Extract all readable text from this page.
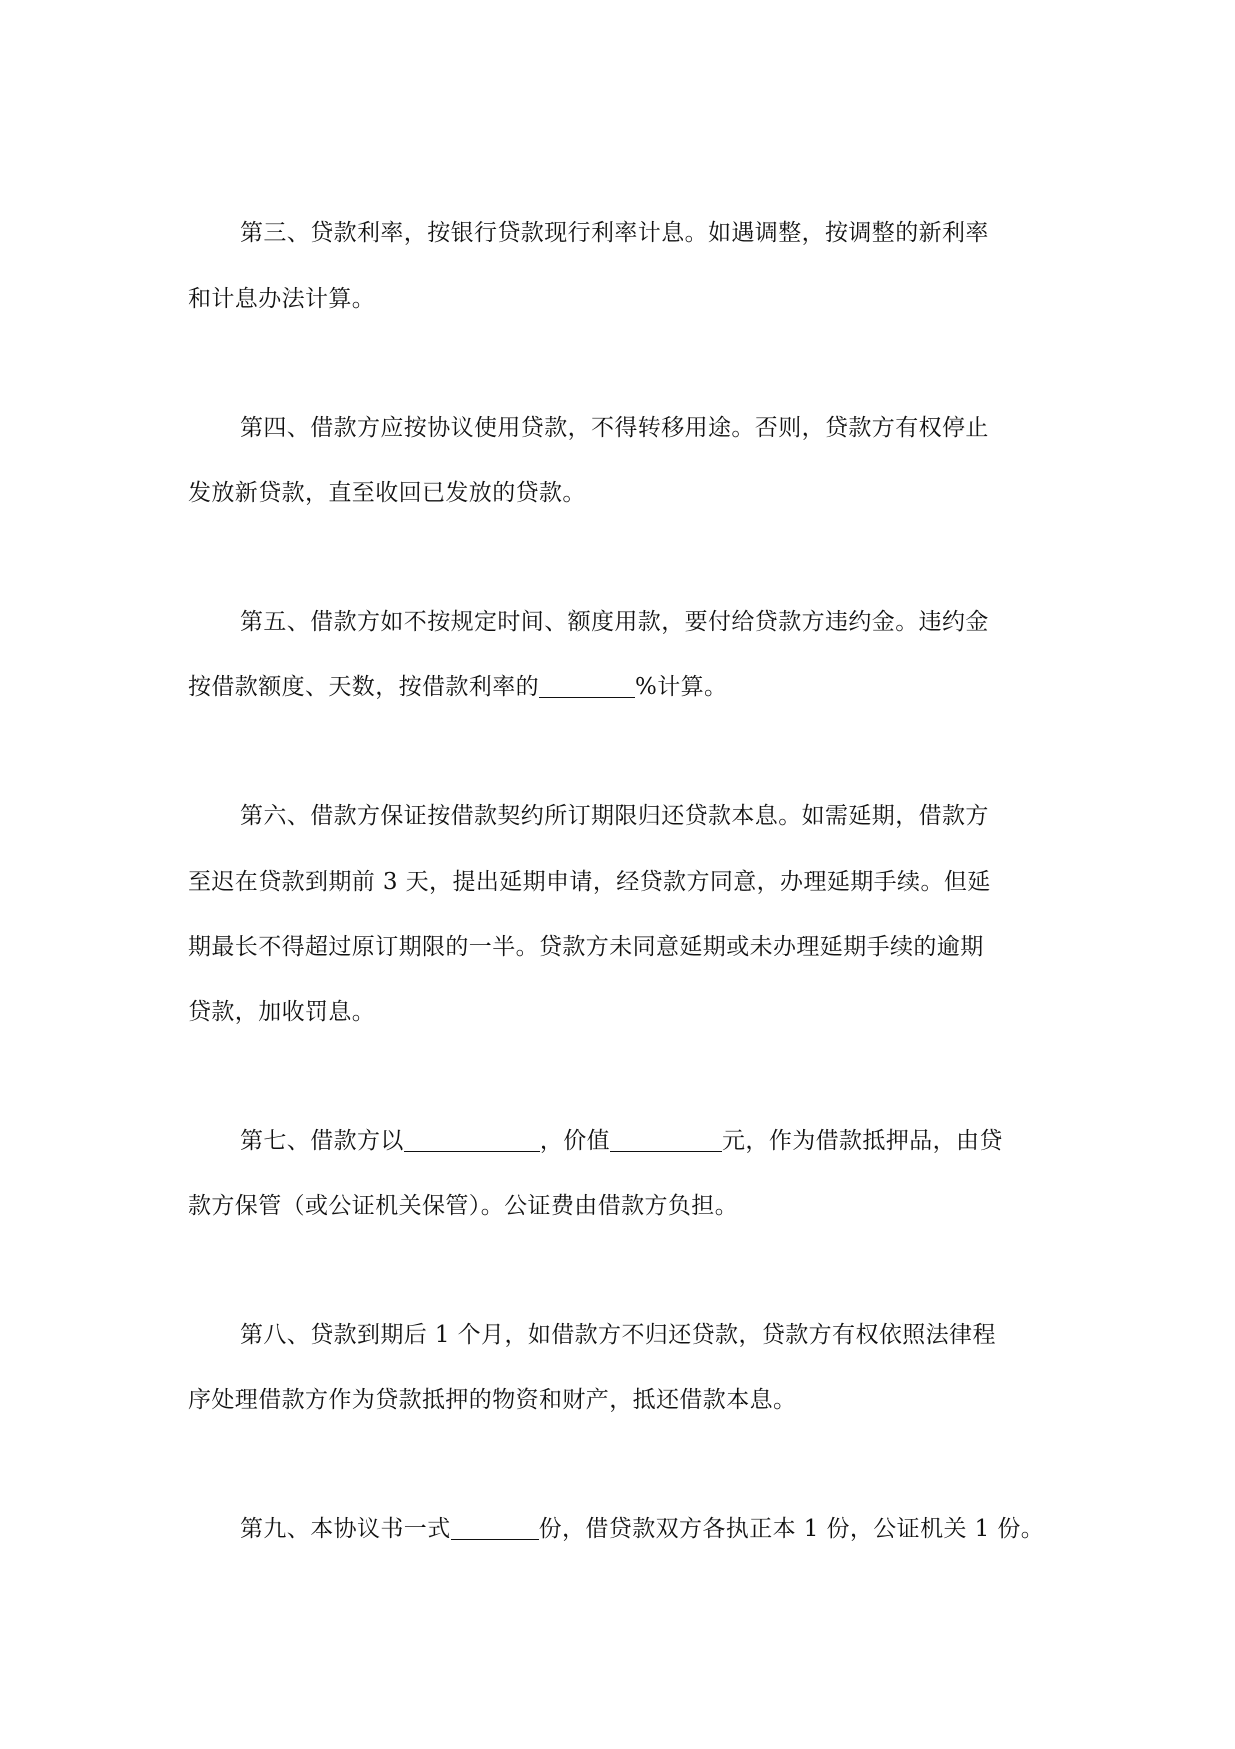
第三、贷款利率，按银行贷款现行利率计息。如遇调整，按调整的新利率
和计息办法计算。
第四、借款方应按协议使用贷款，不得转移用途。否则，贷款方有权停止
发放新贷款，直至收回已发放的贷款。
第五、借款方如不按规定时间、额度用款，要付给贷款方违约金。违约金
按借款额度、天数，按借款利率的	%计算。
第六、借款方保证按借款契约所订期限归还贷款本息。如需延期，借款方
至迟在贷款到期前 3 天，提出延期申请，经贷款方同意，办理延期手续。但延
期最长不得超过原订期限的一半。贷款方未同意延期或未办理延期手续的逾期
贷款，加收罚息。
第七、借款方以	，价值	元，作为借款抵押品，由贷
款方保管（或公证机关保管）。公证费由借款方负担。
第八、贷款到期后 1 个月，如借款方不归还贷款，贷款方有权依照法律程
序处理借款方作为贷款抵押的物资和财产，抵还借款本息。
第九、本协议书一式	份，借贷款双方各执正本 1 份，公证机关 1 份。
